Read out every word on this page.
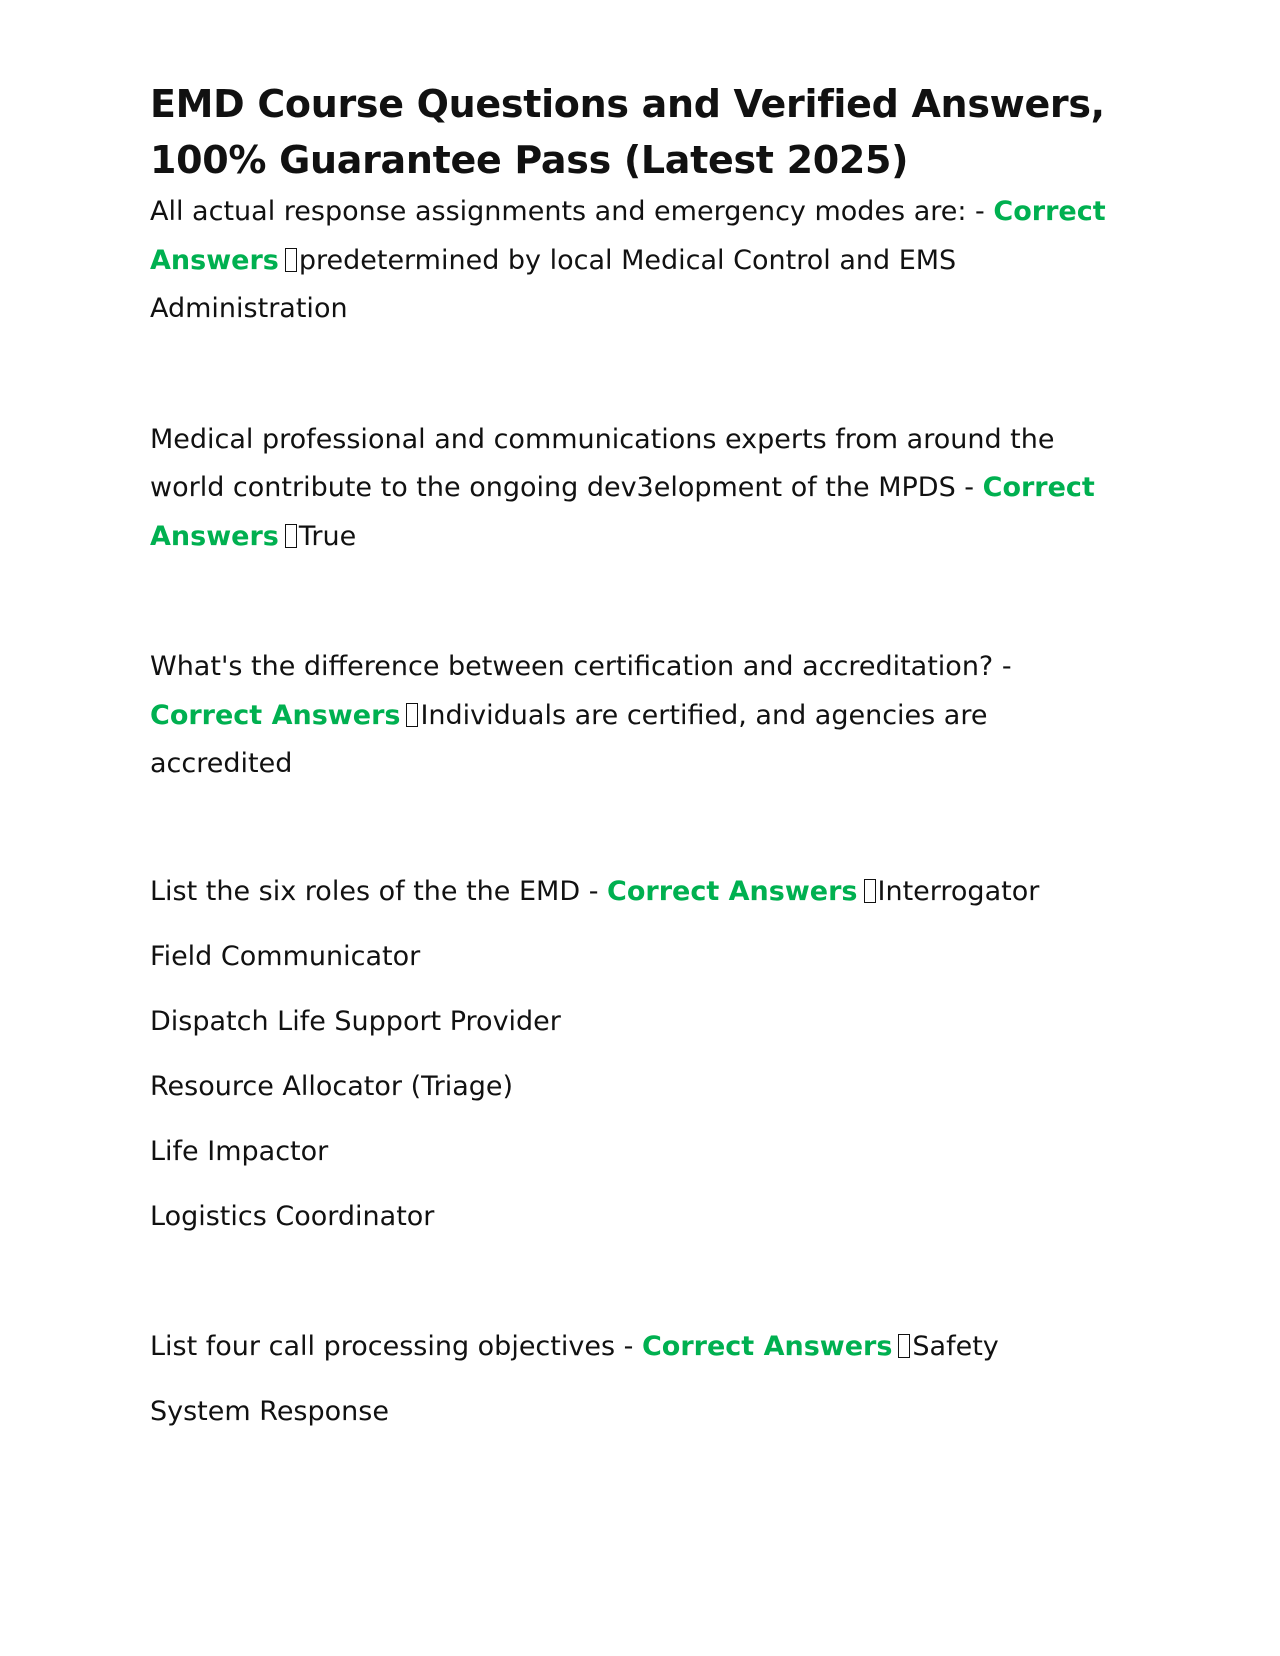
EMD Course Questions and Verified Answers, 100% Guarantee Pass (Latest 2025)

All actual response assignments and emergency modes are: - Correct Answers predetermined by local Medical Control and EMS Administration

Medical professional and communications experts from around the world contribute to the ongoing dev3elopment of the MPDS - Correct Answers True

What's the difference between certification and accreditation? - Correct Answers Individuals are certified, and agencies are accredited

List the six roles of the the EMD - Correct Answers Interrogator

Field Communicator

Dispatch Life Support Provider

Resource Allocator (Triage)

Life Impactor

Logistics Coordinator

List four call processing objectives - Correct Answers Safety

System Response
